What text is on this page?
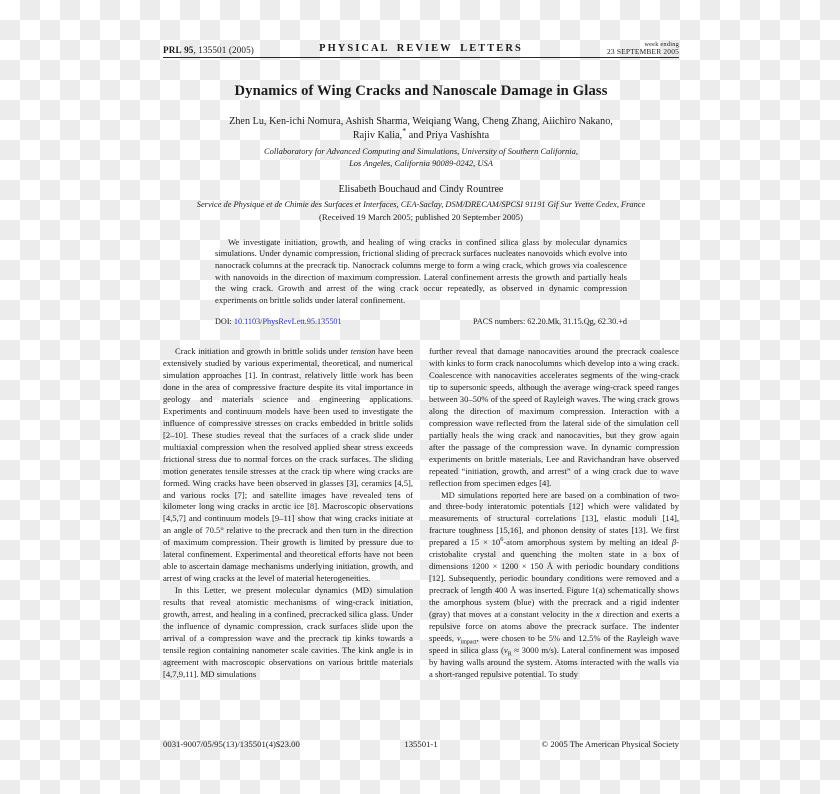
PRL 95, 135501 (2005)	PHYSICAL REVIEW LETTERS	week ending
23 SEPTEMBER 2005
Dynamics of Wing Cracks and Nanoscale Damage in Glass
Zhen Lu, Ken-ichi Nomura, Ashish Sharma, Weiqiang Wang, Cheng Zhang, Aiichiro Nakano,
Rajiv Kalia,* and Priya Vashishta
Collaboratory for Advanced Computing and Simulations, University of Southern California,
Los Angeles, California 90089-0242, USA
Elisabeth Bouchaud and Cindy Rountree
Service de Physique et de Chimie des Surfaces et Interfaces, CEA-Saclay, DSM/DRECAM/SPCSI 91191 Gif Sur Yvette Cedex, France
(Received 19 March 2005; published 20 September 2005)
We investigate initiation, growth, and healing of wing cracks in confined silica glass by molecular dynamics simulations. Under dynamic compression, frictional sliding of precrack surfaces nucleates nanovoids which evolve into nanocrack columns at the precrack tip. Nanocrack columns merge to form a wing crack, which grows via coalescence with nanovoids in the direction of maximum compression. Lateral confinement arrests the growth and partially heals the wing crack. Growth and arrest of the wing crack occur repeatedly, as observed in dynamic compression experiments on brittle solids under lateral confinement.
DOI: 10.1103/PhysRevLett.95.135501	PACS numbers: 62.20.Mk, 31.15.Qg, 62.30.+d

Crack initiation and growth in brittle solids under tension have been extensively studied by various experimental, theoretical, and numerical simulation approaches [1]. In contrast, relatively little work has been done in the area of compressive fracture despite its vital importance in geology and materials science and engineering applications. Experiments and continuum models have been used to investigate the influence of compressive stresses on cracks embedded in brittle solids [2–10]. These studies reveal that the surfaces of a crack slide under multiaxial compression when the resolved applied shear stress exceeds frictional stress due to normal forces on the crack surfaces. The sliding motion generates tensile stresses at the crack tip where wing cracks are formed. Wing cracks have been observed in glasses [3], ceramics [4,5], and various rocks [7]; and satellite images have revealed tens of kilometer long wing cracks in arctic ice [8]. Macroscopic observations [4,5,7] and continuum models [9–11] show that wing cracks initiate at an angle of 70.5° relative to the precrack and then turn in the direction of maximum compression. Their growth is limited by pressure due to lateral confinement. Experimental and theoretical efforts have not been able to ascertain damage mechanisms underlying initiation, growth, and arrest of wing cracks at the level of material heterogeneities.

In this Letter, we present molecular dynamics (MD) simulation results that reveal atomistic mechanisms of wing-crack initiation, growth, arrest, and healing in a confined, precracked silica glass. Under the influence of dynamic compression, crack surfaces slide upon the arrival of a compression wave and the precrack tip kinks towards a tensile region containing nanometer scale cavities. The kink angle is in agreement with macroscopic observations on various brittle materials [4,7,9,11]. MD simulations

further reveal that damage nanocavities around the precrack coalesce with kinks to form crack nanocolumns which develop into a wing crack. Coalescence with nanocavities accelerates segments of the wing-crack tip to supersonic speeds, although the average wing-crack speed ranges between 30–50% of the speed of Rayleigh waves. The wing crack grows along the direction of maximum compression. Interaction with a compression wave reflected from the lateral side of the simulation cell partially heals the wing crack and nanocavities, but they grow again after the passage of the compression wave. In dynamic compression experiments on brittle materials, Lee and Ravichandran have observed repeated “initiation, growth, and arrest” of a wing crack due to wave reflection from specimen edges [4].

MD simulations reported here are based on a combination of two- and three-body interatomic potentials [12] which were validated by measurements of structural correlations [13], elastic moduli [14], fracture toughness [15,16], and phonon density of states [13]. We first prepared a $15 \times 10^6$-atom amorphous system by melting an ideal β-cristobalite crystal and quenching the molten state in a box of dimensions 1200 × 1200 × 150 Å with periodic boundary conditions [12]. Subsequently, periodic boundary conditions were removed and a precrack of length 400 Å was inserted. Figure 1(a) schematically shows the amorphous system (blue) with the precrack and a rigid indenter (gray) that moves at a constant velocity in the x direction and exerts a repulsive force on atoms above the precrack surface. The indenter speeds, $\nu_{impact}$, were chosen to be 5% and 12.5% of the Rayleigh wave speed in silica glass ($\nu_R \approx 3000$ m/s). Lateral confinement was imposed by having walls around the system. Atoms interacted with the walls via a short-ranged repulsive potential. To study

0031-9007/05/95(13)/135501(4)$23.00	135501-1	© 2005 The American Physical Society
